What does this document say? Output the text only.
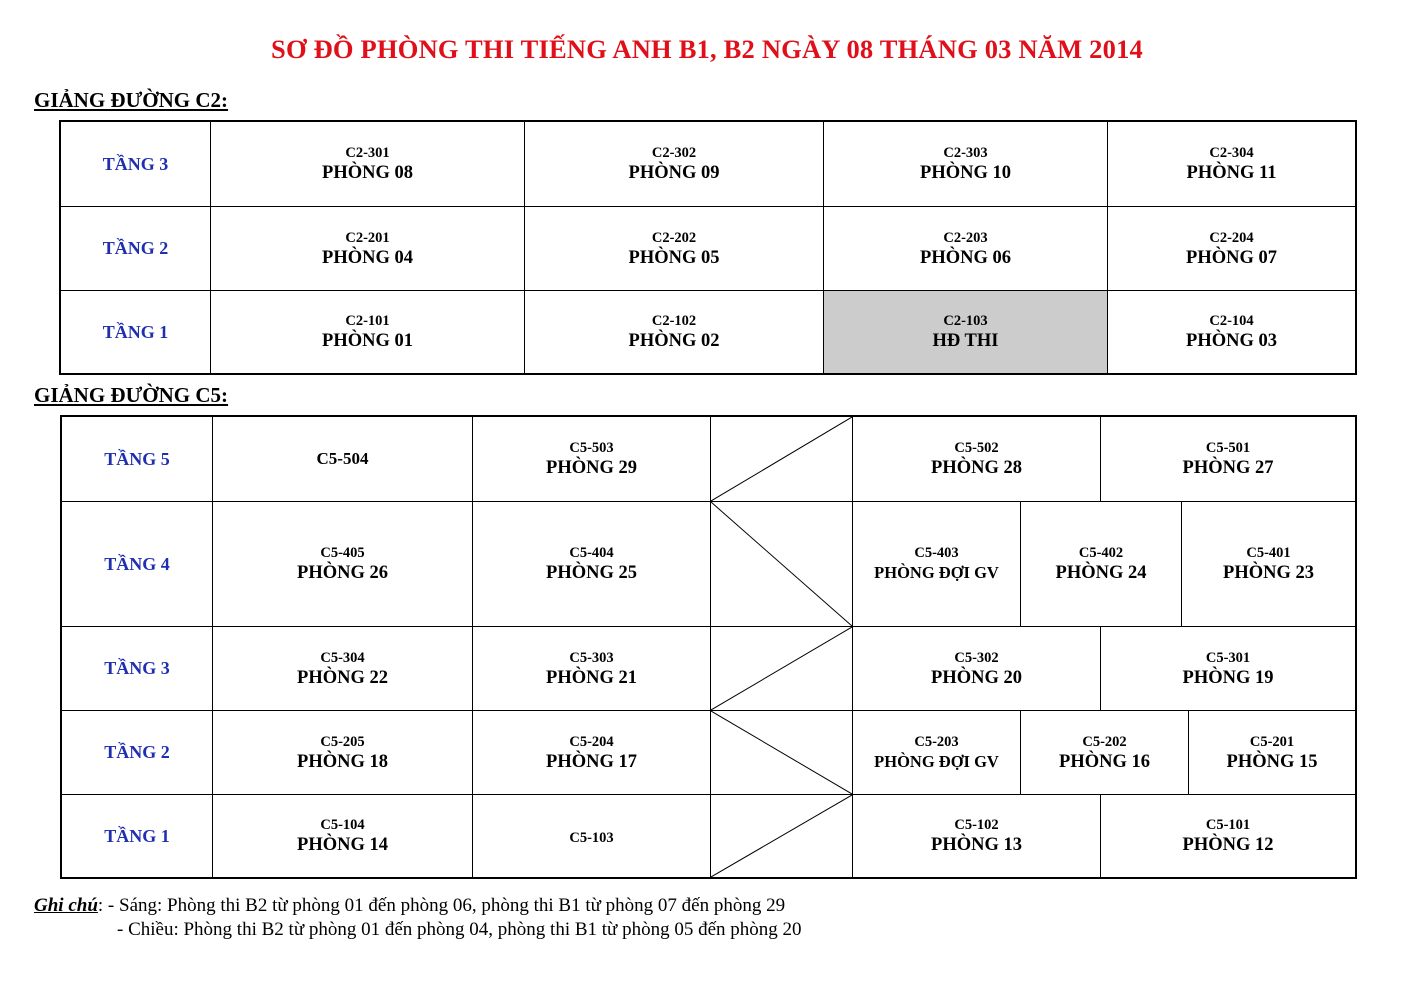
SƠ ĐỒ PHÒNG THI TIẾNG ANH B1, B2 NGÀY 08 THÁNG 03 NĂM 2014
GIẢNG ĐƯỜNG C2:
TẦNG 3
C2-301
PHÒNG 08
C2-302
PHÒNG 09
C2-303
PHÒNG 10
C2-304
PHÒNG 11
TẦNG 2
C2-201
PHÒNG 04
C2-202
PHÒNG 05
C2-203
PHÒNG 06
C2-204
PHÒNG 07
TẦNG 1
C2-101
PHÒNG 01
C2-102
PHÒNG 02
C2-103
HĐ THI
C2-104
PHÒNG 03
GIẢNG ĐƯỜNG C5:
TẦNG 5	C5-504
C5-503
PHÒNG 29
C5-502
PHÒNG 28
C5-501
PHÒNG 27
TẦNG 4
C5-405
PHÒNG 26
C5-404
PHÒNG 25
C5-403
PHÒNG ĐỢI GV
C5-402
PHÒNG 24
C5-401
PHÒNG 23
TẦNG 3
C5-304
PHÒNG 22
C5-303
PHÒNG 21
C5-302
PHÒNG 20
C5-301
PHÒNG 19
TẦNG 2
C5-205
PHÒNG 18
C5-204
PHÒNG 17
C5-203
PHÒNG ĐỢI GV
C5-202
PHÒNG 16
C5-201
PHÒNG 15
TẦNG 1
C5-104
PHÒNG 14	C5-103
C5-102
PHÒNG 13
C5-101
PHÒNG 12
Ghi chú: - Sáng: Phòng thi B2 từ phòng 01 đến phòng 06, phòng thi B1 từ phòng 07 đến phòng 29
- Chiều: Phòng thi B2 từ phòng 01 đến phòng 04, phòng thi B1 từ phòng 05 đến phòng 20
